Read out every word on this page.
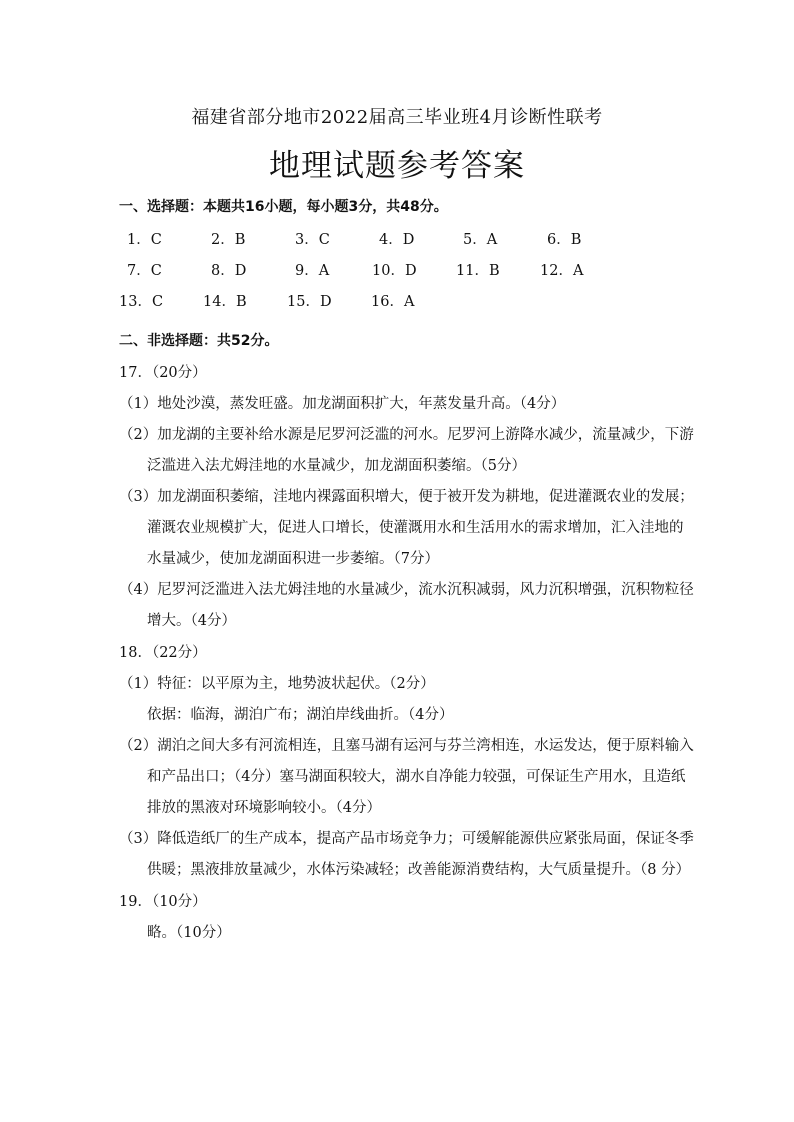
福建省部分地市2022届高三毕业班4月诊断性联考
地理试题参考答案
一、选择题：本题共16小题，每小题3分，共48分。
1．C	2．B	3．C	4．D	5．A	6．B
7．C	8．D	9．A	10．D	11．B	12．A
13．C	14．B	15．D	16．A
二、非选择题：共52分。
17．（20分）
（1）地处沙漠，蒸发旺盛。加龙湖面积扩大，年蒸发量升高。（4分）
（2）加龙湖的主要补给水源是尼罗河泛滥的河水。尼罗河上游降水减少，流量减少，下游
泛滥进入法尤姆洼地的水量减少，加龙湖面积萎缩。（5分）
（3）加龙湖面积萎缩，洼地内裸露面积增大，便于被开发为耕地，促进灌溉农业的发展；
灌溉农业规模扩大，促进人口增长，使灌溉用水和生活用水的需求增加，汇入洼地的
水量减少，使加龙湖面积进一步萎缩。（7分）
（4）尼罗河泛滥进入法尤姆洼地的水量减少，流水沉积减弱，风力沉积增强，沉积物粒径
增大。（4分）
18．（22分）
（1）特征：以平原为主，地势波状起伏。（2分）
依据：临海，湖泊广布；湖泊岸线曲折。（4分）
（2）湖泊之间大多有河流相连，且塞马湖有运河与芬兰湾相连，水运发达，便于原料输入
和产品出口；（4分）塞马湖面积较大，湖水自净能力较强，可保证生产用水，且造纸
排放的黑液对环境影响较小。（4分）
（3）降低造纸厂的生产成本，提高产品市场竞争力；可缓解能源供应紧张局面，保证冬季
供暖；黑液排放量减少，水体污染减轻；改善能源消费结构，大气质量提升。（8 分）
19．（10分）
略。（10分）
